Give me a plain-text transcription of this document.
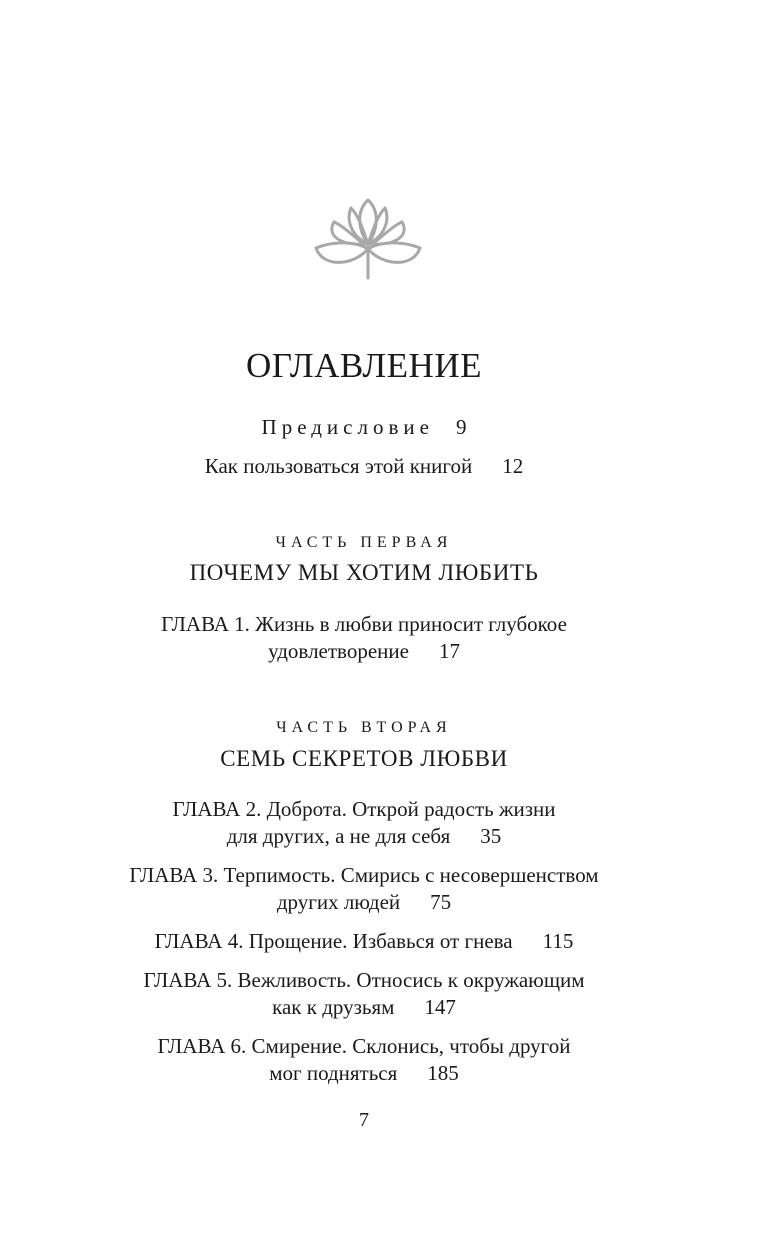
ОГЛАВЛЕНИЕ
Предисловие 9
Как пользоваться этой книгой 12
ЧАСТЬ ПЕРВАЯ
ПОЧЕМУ МЫ ХОТИМ ЛЮБИТЬ
ГЛАВА 1. Жизнь в любви приносит глубокое
удовлетворение 17
ЧАСТЬ ВТОРАЯ
СЕМЬ СЕКРЕТОВ ЛЮБВИ
ГЛАВА 2. Доброта. Открой радость жизни
для других, а не для себя 35
ГЛАВА 3. Терпимость. Смирись с несовершенством
других людей 75
ГЛАВА 4. Прощение. Избавься от гнева 115
ГЛАВА 5. Вежливость. Относись к окружающим
как к друзьям 147
ГЛАВА 6. Смирение. Склонись, чтобы другой
мог подняться 185
7
